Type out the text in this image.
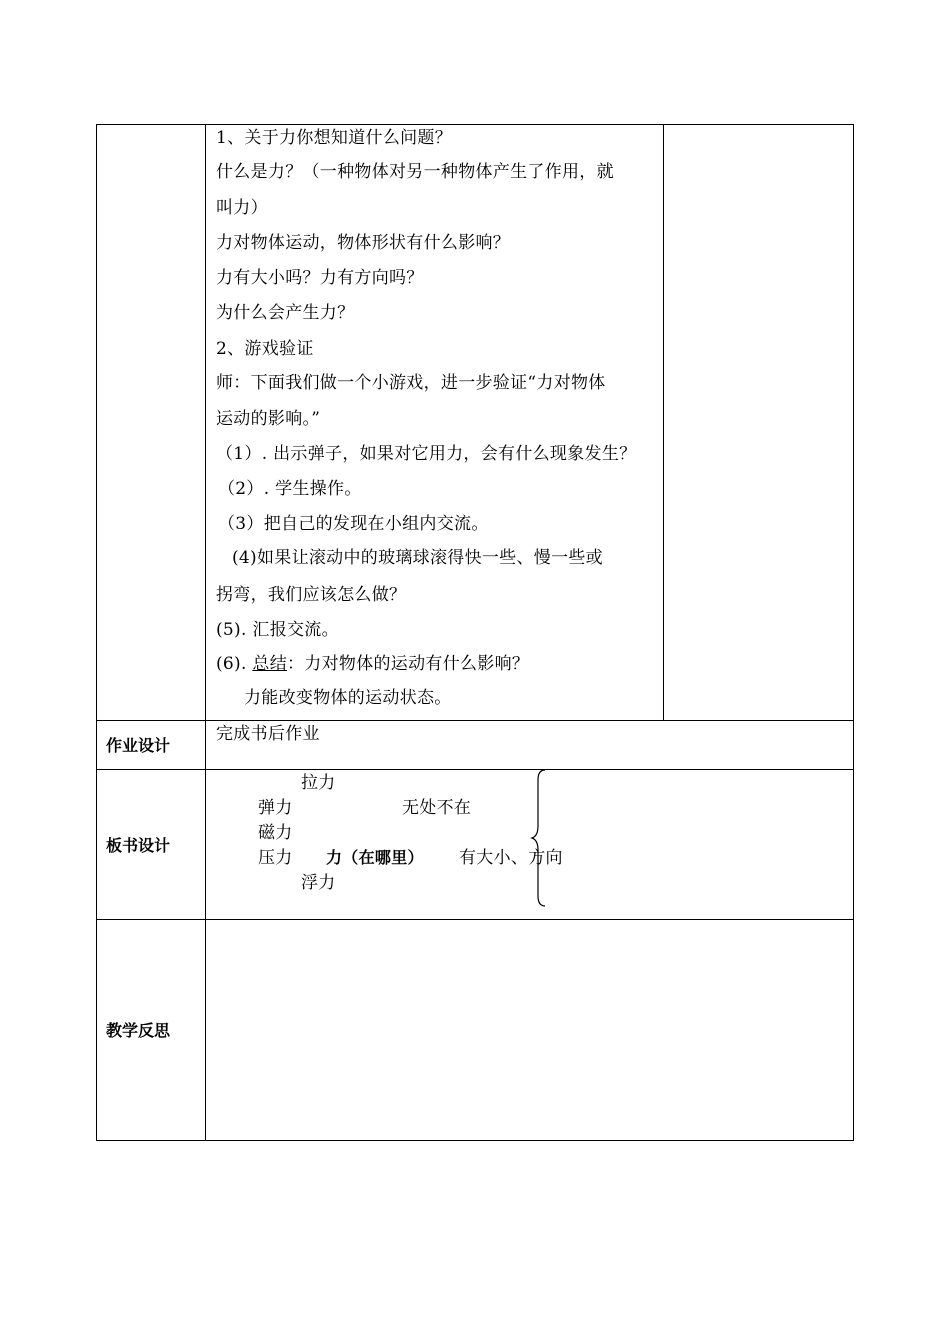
1、关于力你想知道什么问题？
什么是力？（一种物体对另一种物体产生了作用，就
叫力）
力对物体运动，物体形状有什么影响？
力有大小吗？力有方向吗？
为什么会产生力？
2、游戏验证
师：下面我们做一个小游戏，进一步验证“力对物体
运动的影响。”
（1）. 出示弹子，如果对它用力，会有什么现象发生？
（2）. 学生操作。
（3）把自己的发现在小组内交流。
(4)如果让滚动中的玻璃球滚得快一些、慢一些或
拐弯，我们应该怎么做？
(5). 汇报交流。
(6). 总结：力对物体的运动有什么影响？
力能改变物体的运动状态。
作业设计
完成书后作业
板书设计
拉力
弹力	无处不在
磁力
压力 力（在哪里） 有大小、方向
浮力
教学反思
